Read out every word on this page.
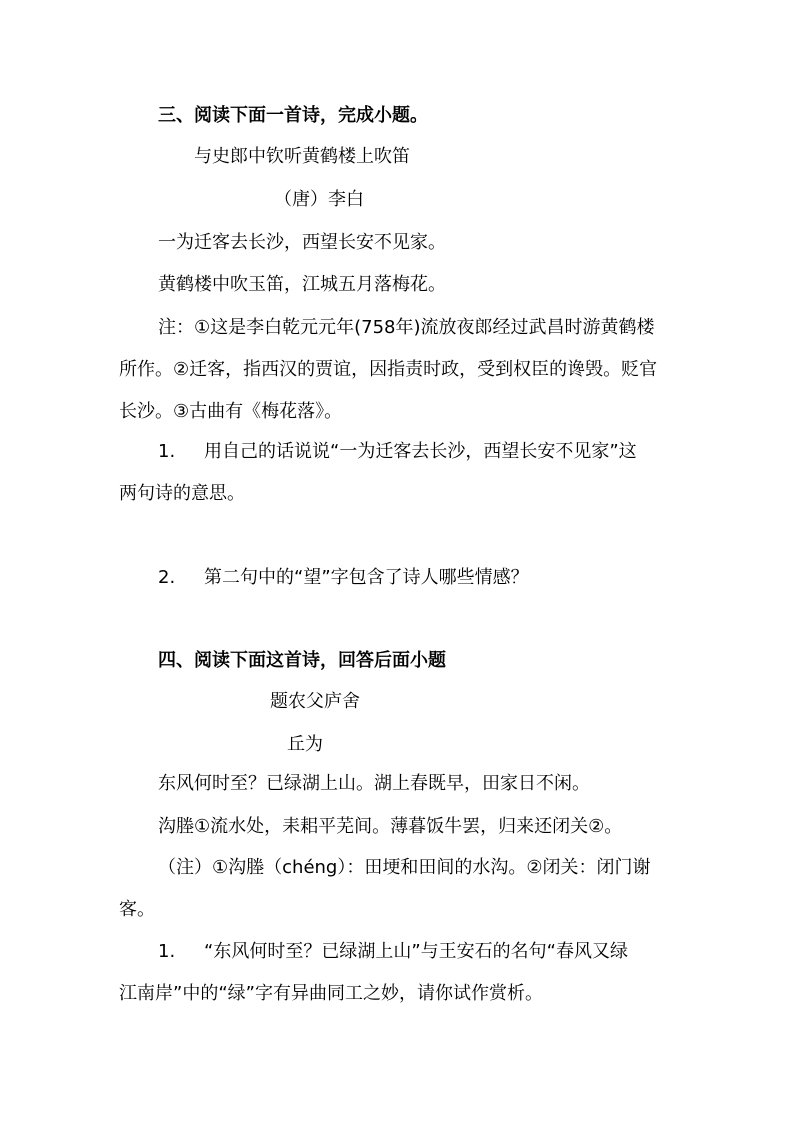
三、阅读下面一首诗，完成小题。
与史郎中钦听黄鹤楼上吹笛
（唐）李白
一为迁客去长沙，西望长安不见家。
黄鹤楼中吹玉笛，江城五月落梅花。
注：①这是李白乾元元年(758年)流放夜郎经过武昌时游黄鹤楼
所作。②迁客，指西汉的贾谊，因指责时政，受到权臣的谗毁。贬官
长沙。③古曲有《梅花落》。
1. 用自己的话说说“一为迁客去长沙，西望长安不见家”这
两句诗的意思。
2. 第二句中的“望”字包含了诗人哪些情感？
四、阅读下面这首诗，回答后面小题
题农父庐舍
丘为
东风何时至？已绿湖上山。湖上春既早，田家日不闲。
沟塍①流水处，耒耜平芜间。薄暮饭牛罢，归来还闭关②。
（注）①沟塍（chéng）：田埂和田间的水沟。②闭关：闭门谢
客。
1. “东风何时至？已绿湖上山”与王安石的名句“春风又绿
江南岸”中的“绿”字有异曲同工之妙，请你试作赏析。
